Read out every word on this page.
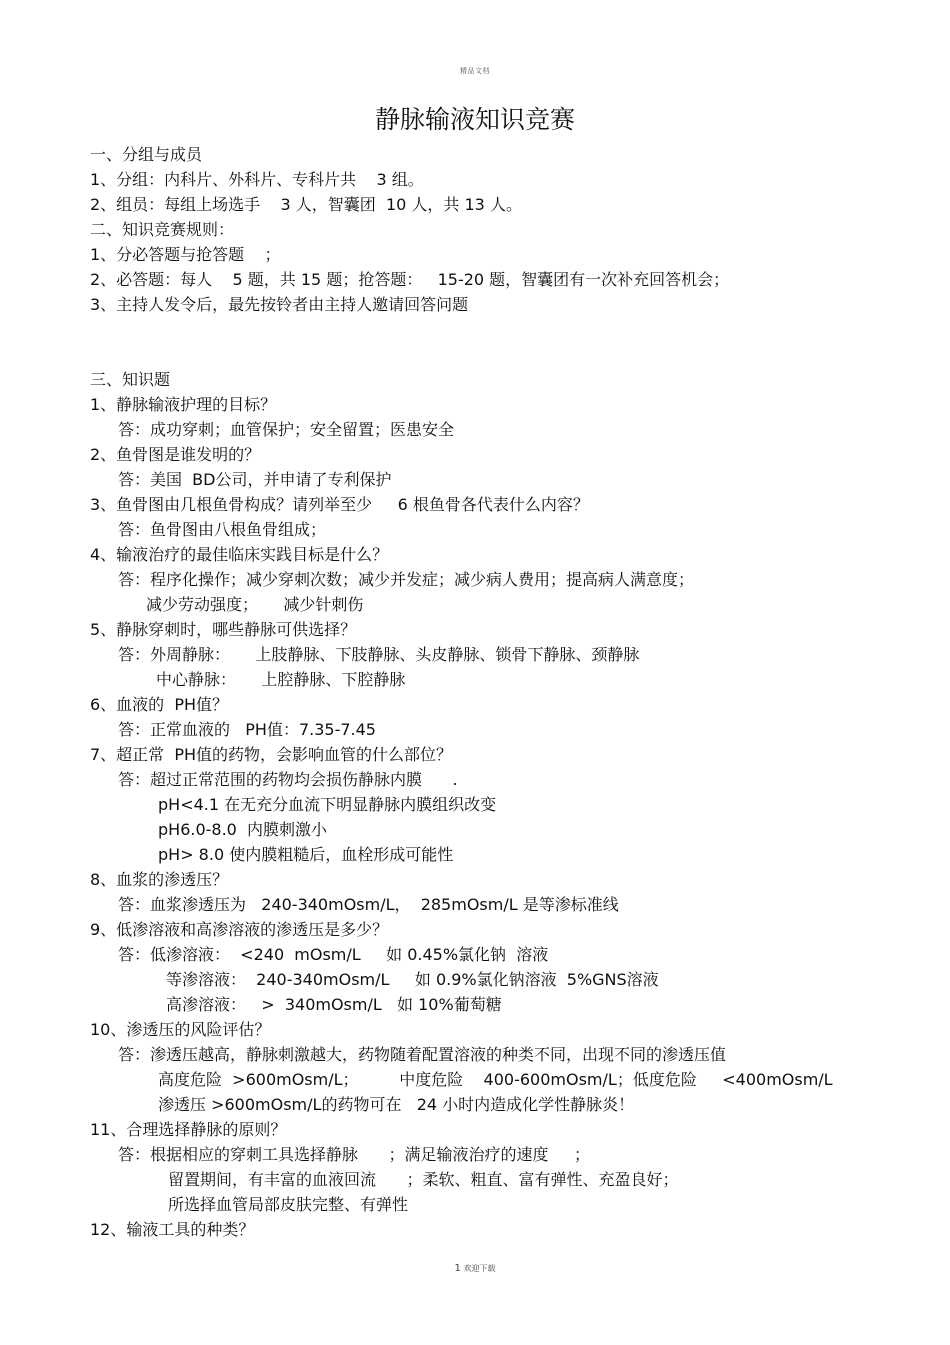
精品文档
静脉输液知识竞赛
一、分组与成员
1、分组：内科片、外科片、专科片共    3 组。
2、组员：每组上场选手    3 人，智囊团  10 人，共 13 人。
二、知识竞赛规则：
1、分必答题与抢答题    ；
2、必答题：每人    5 题，共 15 题；抢答题：   15-20 题，智囊团有一次补充回答机会；
3、主持人发令后，最先按铃者由主持人邀请回答问题
三、知识题
1、静脉输液护理的目标？
答：成功穿刺；血管保护；安全留置；医患安全
2、鱼骨图是谁发明的？
答：美国  BD公司，并申请了专利保护
3、鱼骨图由几根鱼骨构成？请列举至少     6 根鱼骨各代表什么内容？
答：鱼骨图由八根鱼骨组成；
4、输液治疗的最佳临床实践目标是什么？
答：程序化操作；减少穿刺次数；减少并发症；减少病人费用；提高病人满意度；
减少劳动强度；     减少针刺伤
5、静脉穿刺时，哪些静脉可供选择？
答：外周静脉：     上肢静脉、下肢静脉、头皮静脉、锁骨下静脉、颈静脉
中心静脉：     上腔静脉、下腔静脉
6、血液的  PH值？
答：正常血液的   PH值：7.35-7.45
7、超正常  PH值的药物，会影响血管的什么部位？
答：超过正常范围的药物均会损伤静脉内膜      .
pH<4.1 在无充分血流下明显静脉内膜组织改变
pH6.0-8.0  内膜刺激小
pH> 8.0 使内膜粗糙后，血栓形成可能性
8、血浆的渗透压？
答：血浆渗透压为   240-340mOsm/L，  285mOsm/L 是等渗标准线
9、低渗溶液和高渗溶液的渗透压是多少？
答：低渗溶液：  <240  mOsm/L     如 0.45%氯化钠  溶液
等渗溶液：  240-340mOsm/L     如 0.9%氯化钠溶液  5%GNS溶液
高渗溶液：   >  340mOsm/L   如 10%葡萄糖
10、渗透压的风险评估？
答：渗透压越高，静脉刺激越大，药物随着配置溶液的种类不同，出现不同的渗透压值
高度危险  >600mOsm/L；        中度危险    400-600mOsm/L；低度危险     <400mOsm/L
渗透压 >600mOsm/L的药物可在   24 小时内造成化学性静脉炎！
11、合理选择静脉的原则？
答：根据相应的穿刺工具选择静脉      ；满足输液治疗的速度     ；
留置期间，有丰富的血液回流      ；柔软、粗直、富有弹性、充盈良好；
所选择血管局部皮肤完整、有弹性
12、输液工具的种类？
1 欢迎下载
